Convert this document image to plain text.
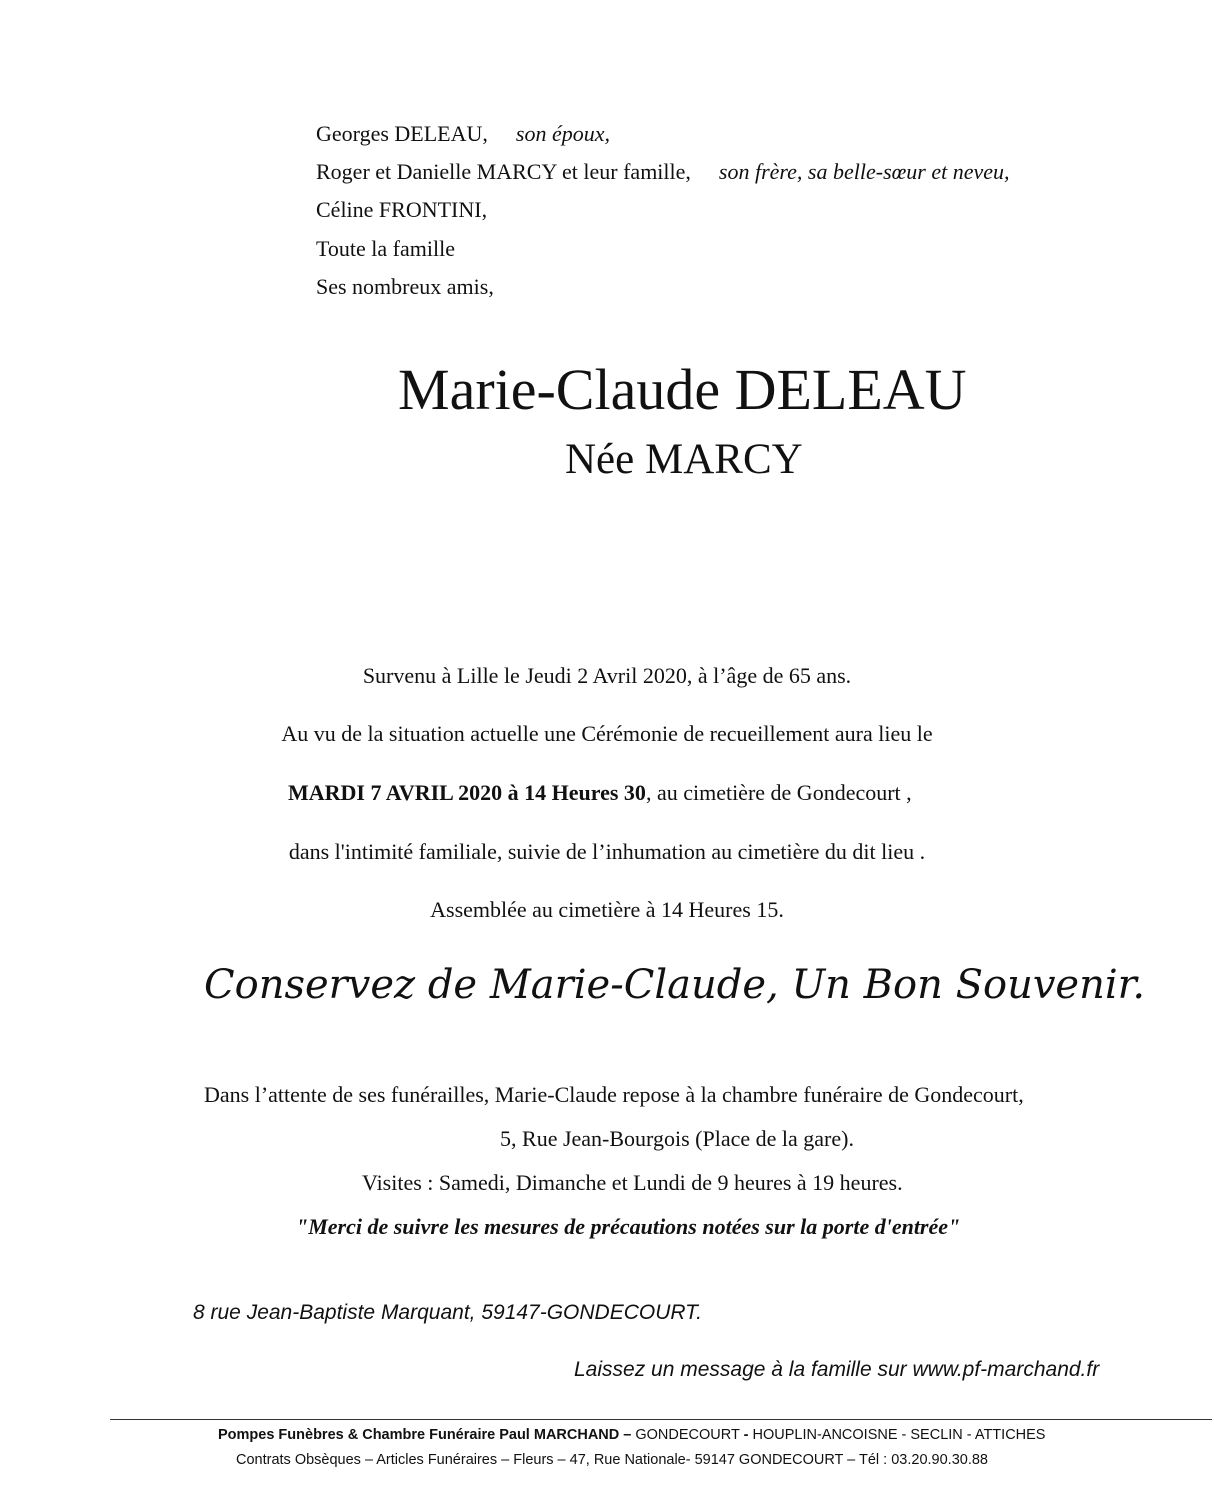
Georges DELEAU, son époux,
Roger et Danielle MARCY et leur famille, son frère, sa belle-sœur et neveu,
Céline FRONTINI,
Toute la famille
Ses nombreux amis,
Marie-Claude DELEAU
Née MARCY
Survenu à Lille le Jeudi 2 Avril 2020, à l’âge de 65 ans.
Au vu de la situation actuelle une Cérémonie de recueillement aura lieu le
MARDI 7 AVRIL 2020 à 14 Heures 30, au cimetière de Gondecourt ,
dans l'intimité familiale, suivie de l’inhumation au cimetière du dit lieu .
Assemblée au cimetière à 14 Heures 15.
Conservez de Marie-Claude, Un Bon Souvenir.
Dans l’attente de ses funérailles, Marie-Claude repose à la chambre funéraire de Gondecourt,
5, Rue Jean-Bourgois (Place de la gare).
Visites : Samedi, Dimanche et Lundi de 9 heures à 19 heures.
"Merci de suivre les mesures de précautions notées sur la porte d'entrée"
8 rue Jean-Baptiste Marquant, 59147-GONDECOURT.
Laissez un message à la famille sur www.pf-marchand.fr
Pompes Funèbres & Chambre Funéraire Paul MARCHAND – GONDECOURT - HOUPLIN-ANCOISNE - SECLIN - ATTICHES
Contrats Obsèques – Articles Funéraires – Fleurs – 47, Rue Nationale- 59147 GONDECOURT – Tél : 03.20.90.30.88
